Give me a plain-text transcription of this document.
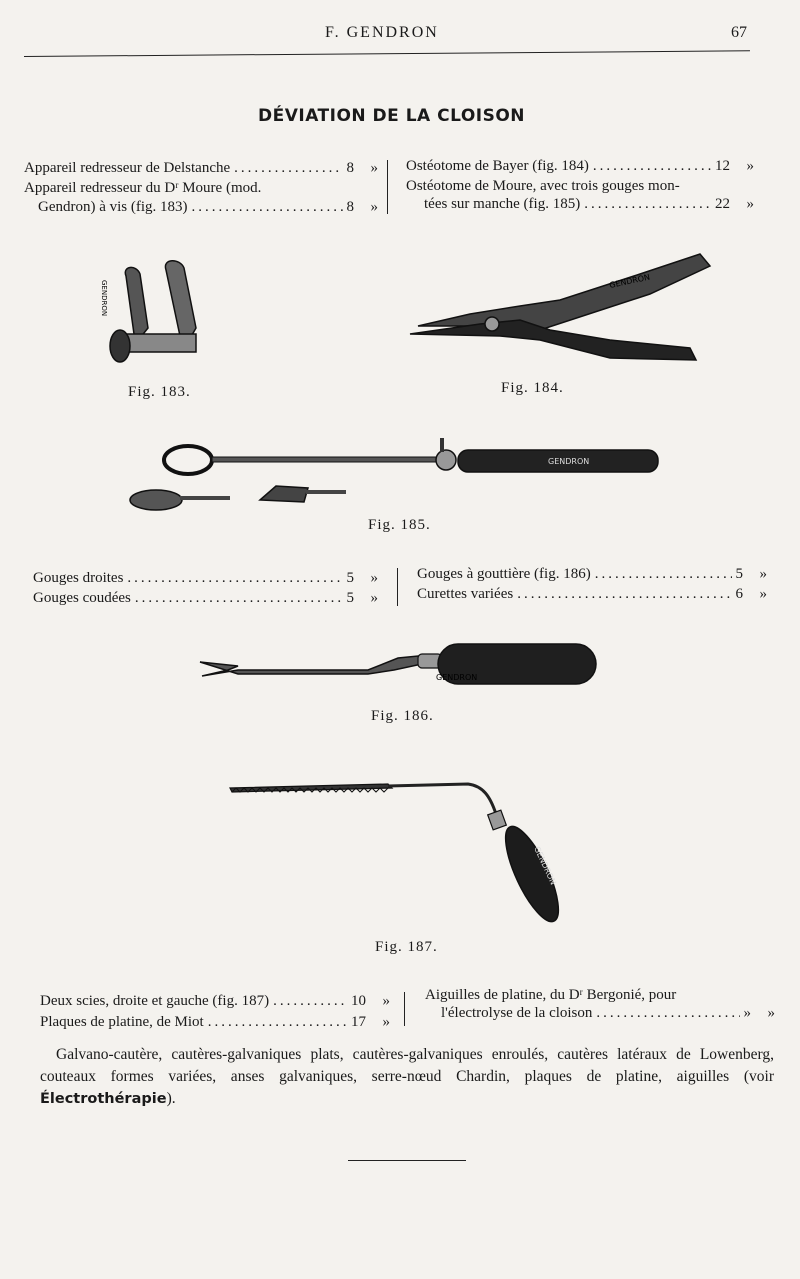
F. GENDRON	67
DÉVIATION DE LA CLOISON
Appareil redresseur de Delstanche .....	8	»
Appareil redresseur du Dʳ Moure (mod.
Gendron) à vis (fig. 183) .....	8	»
Ostéotome de Bayer (fig. 184) .....	12	»
Ostéotome de Moure, avec trois gouges mon-
tées sur manche (fig. 185) .....	22	»
GENDRON
Fig. 183.
GENDRON
Fig. 184.
GENDRON
Fig. 185.
Gouges droites .....	5	»
Gouges coudées .....	5	»
Gouges à gouttière (fig. 186) .....	5	»
Curettes variées .....	6	»
GENDRON
Fig. 186.
GENDRON
Fig. 187.
Deux scies, droite et gauche (fig. 187) .....	10	»
Plaques de platine, de Miot .....	17	»
Aiguilles de platine, du Dʳ Bergonié, pour
l'électrolyse de la cloison .....	»	»
Galvano-cautère, cautères-galvaniques plats, cautères-galvaniques enroulés, cautères latéraux de Lowenberg, couteaux formes variées, anses galvaniques, serre-nœud Chardin, plaques de platine, aiguilles (voir Électrothérapie).
